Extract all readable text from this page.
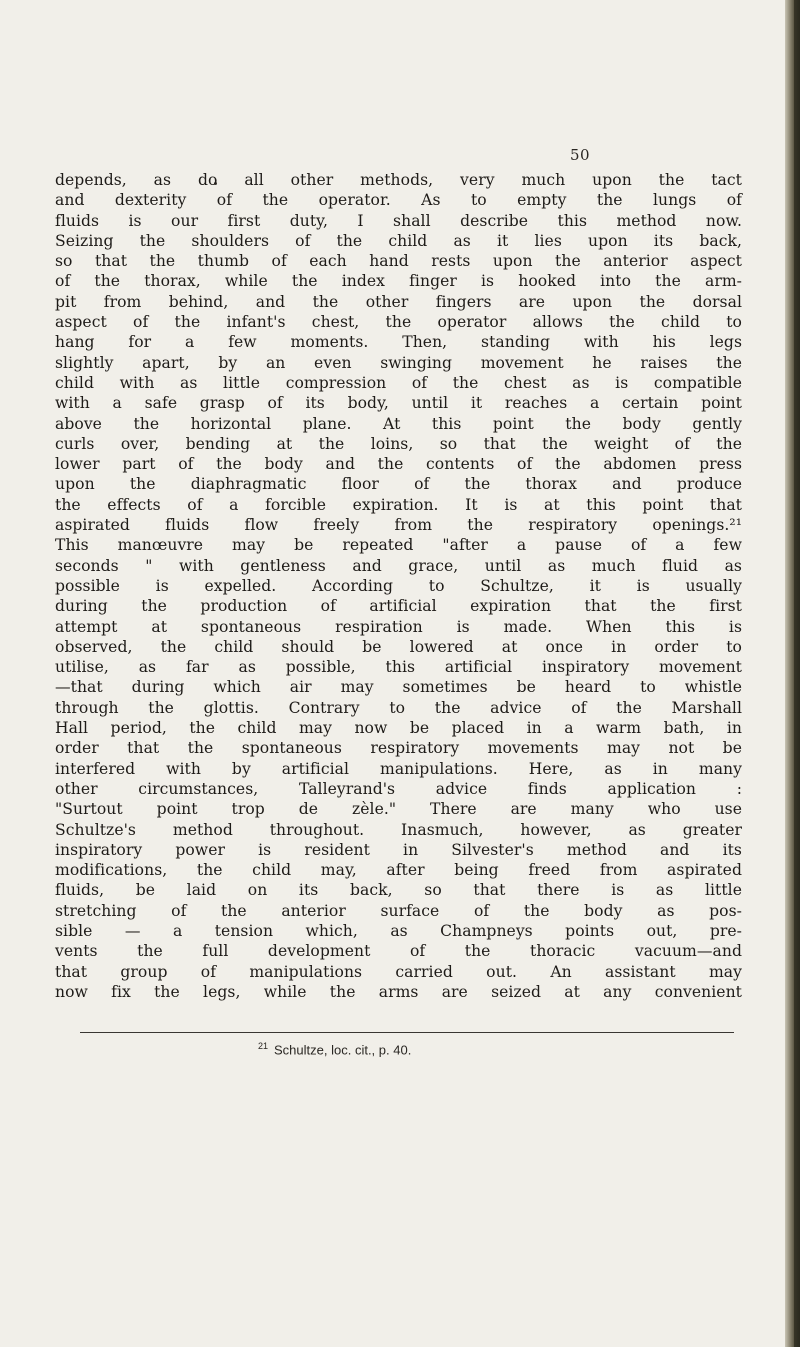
50
depends, as do all other methods, very much upon the tact
and dexterity of the operator. As to empty the lungs of
fluids is our first duty, I shall describe this method now.
Seizing the shoulders of the child as it lies upon its back,
so that the thumb of each hand rests upon the anterior aspect
of the thorax, while the index finger is hooked into the arm-
pit from behind, and the other fingers are upon the dorsal
aspect of the infant's chest, the operator allows the child to
hang for a few moments. Then, standing with his legs
slightly apart, by an even swinging movement he raises the
child with as little compression of the chest as is compatible
with a safe grasp of its body, until it reaches a certain point
above the horizontal plane. At this point the body gently
curls over, bending at the loins, so that the weight of the
lower part of the body and the contents of the abdomen press
upon the diaphragmatic floor of the thorax and produce
the effects of a forcible expiration. It is at this point that
aspirated fluids flow freely from the respiratory openings.²¹
This manœuvre may be repeated "after a pause of a few
seconds " with gentleness and grace, until as much fluid as
possible is expelled. According to Schultze, it is usually
during the production of artificial expiration that the first
attempt at spontaneous respiration is made. When this is
observed, the child should be lowered at once in order to
utilise, as far as possible, this artificial inspiratory movement
—that during which air may sometimes be heard to whistle
through the glottis. Contrary to the advice of the Marshall
Hall period, the child may now be placed in a warm bath, in
order that the spontaneous respiratory movements may not be
interfered with by artificial manipulations. Here, as in many
other circumstances, Talleyrand's advice finds application :
"Surtout point trop de zèle." There are many who use
Schultze's method throughout. Inasmuch, however, as greater
inspiratory power is resident in Silvester's method and its
modifications, the child may, after being freed from aspirated
fluids, be laid on its back, so that there is as little
stretching of the anterior surface of the body as pos-
sible — a tension which, as Champneys points out, pre-
vents the full development of the thoracic vacuum—and
that group of manipulations carried out. An assistant may
now fix the legs, while the arms are seized at any convenient
$^{21}$ Schultze, loc. cit., p. 40.
